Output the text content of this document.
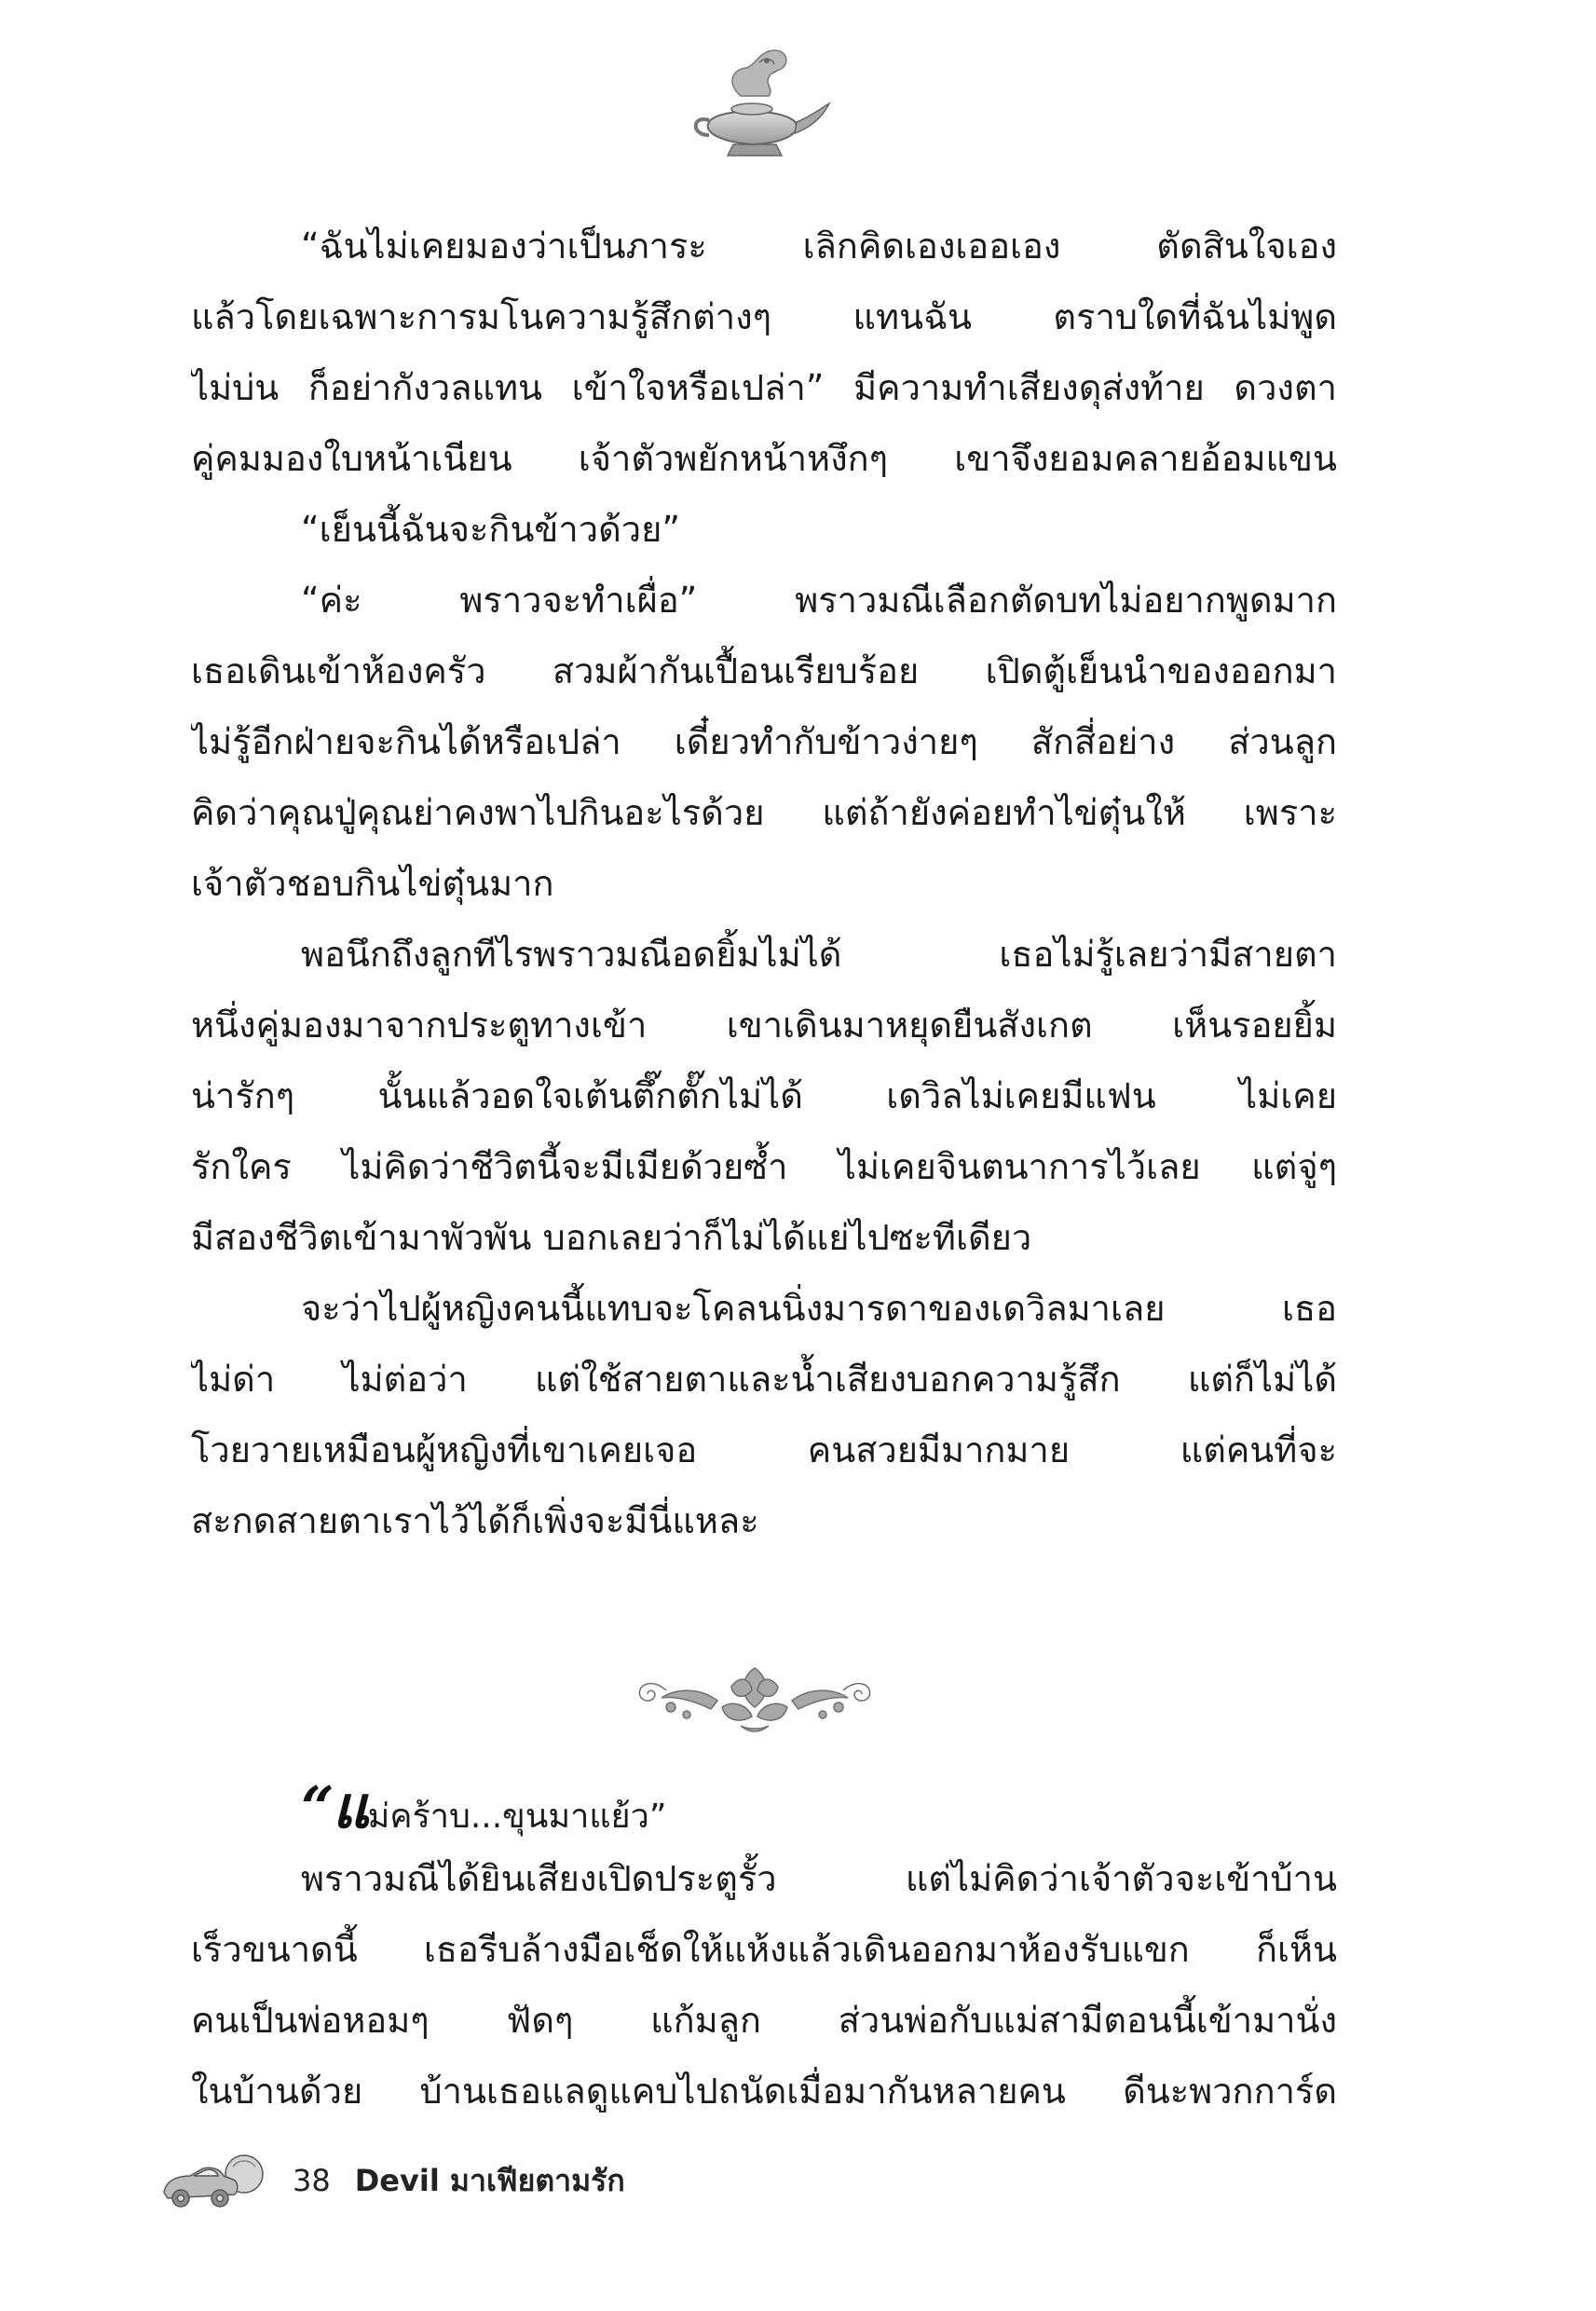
“ฉันไม่เคยมองว่าเป็นภาระ เลิกคิดเองเออเอง ตัดสินใจเอง
แล้วโดยเฉพาะการมโนความรู้สึกต่างๆ แทนฉัน ตราบใดที่ฉันไม่พูด
ไม่บ่น ก็อย่ากังวลแทน เข้าใจหรือเปล่า” มีความทำเสียงดุส่งท้าย ดวงตา
คู่คมมองใบหน้าเนียน เจ้าตัวพยักหน้าหงึกๆ เขาจึงยอมคลายอ้อมแขน
“เย็นนี้ฉันจะกินข้าวด้วย”
“ค่ะ พราวจะทำเผื่อ” พราวมณีเลือกตัดบทไม่อยากพูดมาก
เธอเดินเข้าห้องครัว สวมผ้ากันเปื้อนเรียบร้อย เปิดตู้เย็นนำของออกมา
ไม่รู้อีกฝ่ายจะกินได้หรือเปล่า เดี๋ยวทำกับข้าวง่ายๆ สักสี่อย่าง ส่วนลูก
คิดว่าคุณปู่คุณย่าคงพาไปกินอะไรด้วย แต่ถ้ายังค่อยทำไข่ตุ๋นให้ เพราะ
เจ้าตัวชอบกินไข่ตุ๋นมาก
พอนึกถึงลูกทีไรพราวมณีอดยิ้มไม่ได้ เธอไม่รู้เลยว่ามีสายตา
หนึ่งคู่มองมาจากประตูทางเข้า เขาเดินมาหยุดยืนสังเกต เห็นรอยยิ้ม
น่ารักๆ นั้นแล้วอดใจเต้นตึ๊กตั๊กไม่ได้ เดวิลไม่เคยมีแฟน ไม่เคย
รักใคร ไม่คิดว่าชีวิตนี้จะมีเมียด้วยซ้ำ ไม่เคยจินตนาการไว้เลย แต่จู่ๆ
มีสองชีวิตเข้ามาพัวพัน บอกเลยว่าก็ไม่ได้แย่ไปซะทีเดียว
จะว่าไปผู้หญิงคนนี้แทบจะโคลนนิ่งมารดาของเดวิลมาเลย เธอ
ไม่ด่า ไม่ต่อว่า แต่ใช้สายตาและน้ำเสียงบอกความรู้สึก แต่ก็ไม่ได้
โวยวายเหมือนผู้หญิงที่เขาเคยเจอ คนสวยมีมากมาย แต่คนที่จะ
สะกดสายตาเราไว้ได้ก็เพิ่งจะมีนี่แหละ
“แม่คร้าบ...ขุนมาแย้ว”
พราวมณีได้ยินเสียงเปิดประตูรั้ว แต่ไม่คิดว่าเจ้าตัวจะเข้าบ้าน
เร็วขนาดนี้ เธอรีบล้างมือเช็ดให้แห้งแล้วเดินออกมาห้องรับแขก ก็เห็น
คนเป็นพ่อหอมๆ ฟัดๆ แก้มลูก ส่วนพ่อกับแม่สามีตอนนี้เข้ามานั่ง
ในบ้านด้วย บ้านเธอแลดูแคบไปถนัดเมื่อมากันหลายคน ดีนะพวกการ์ด
38 Devil มาเฟียตามรัก
